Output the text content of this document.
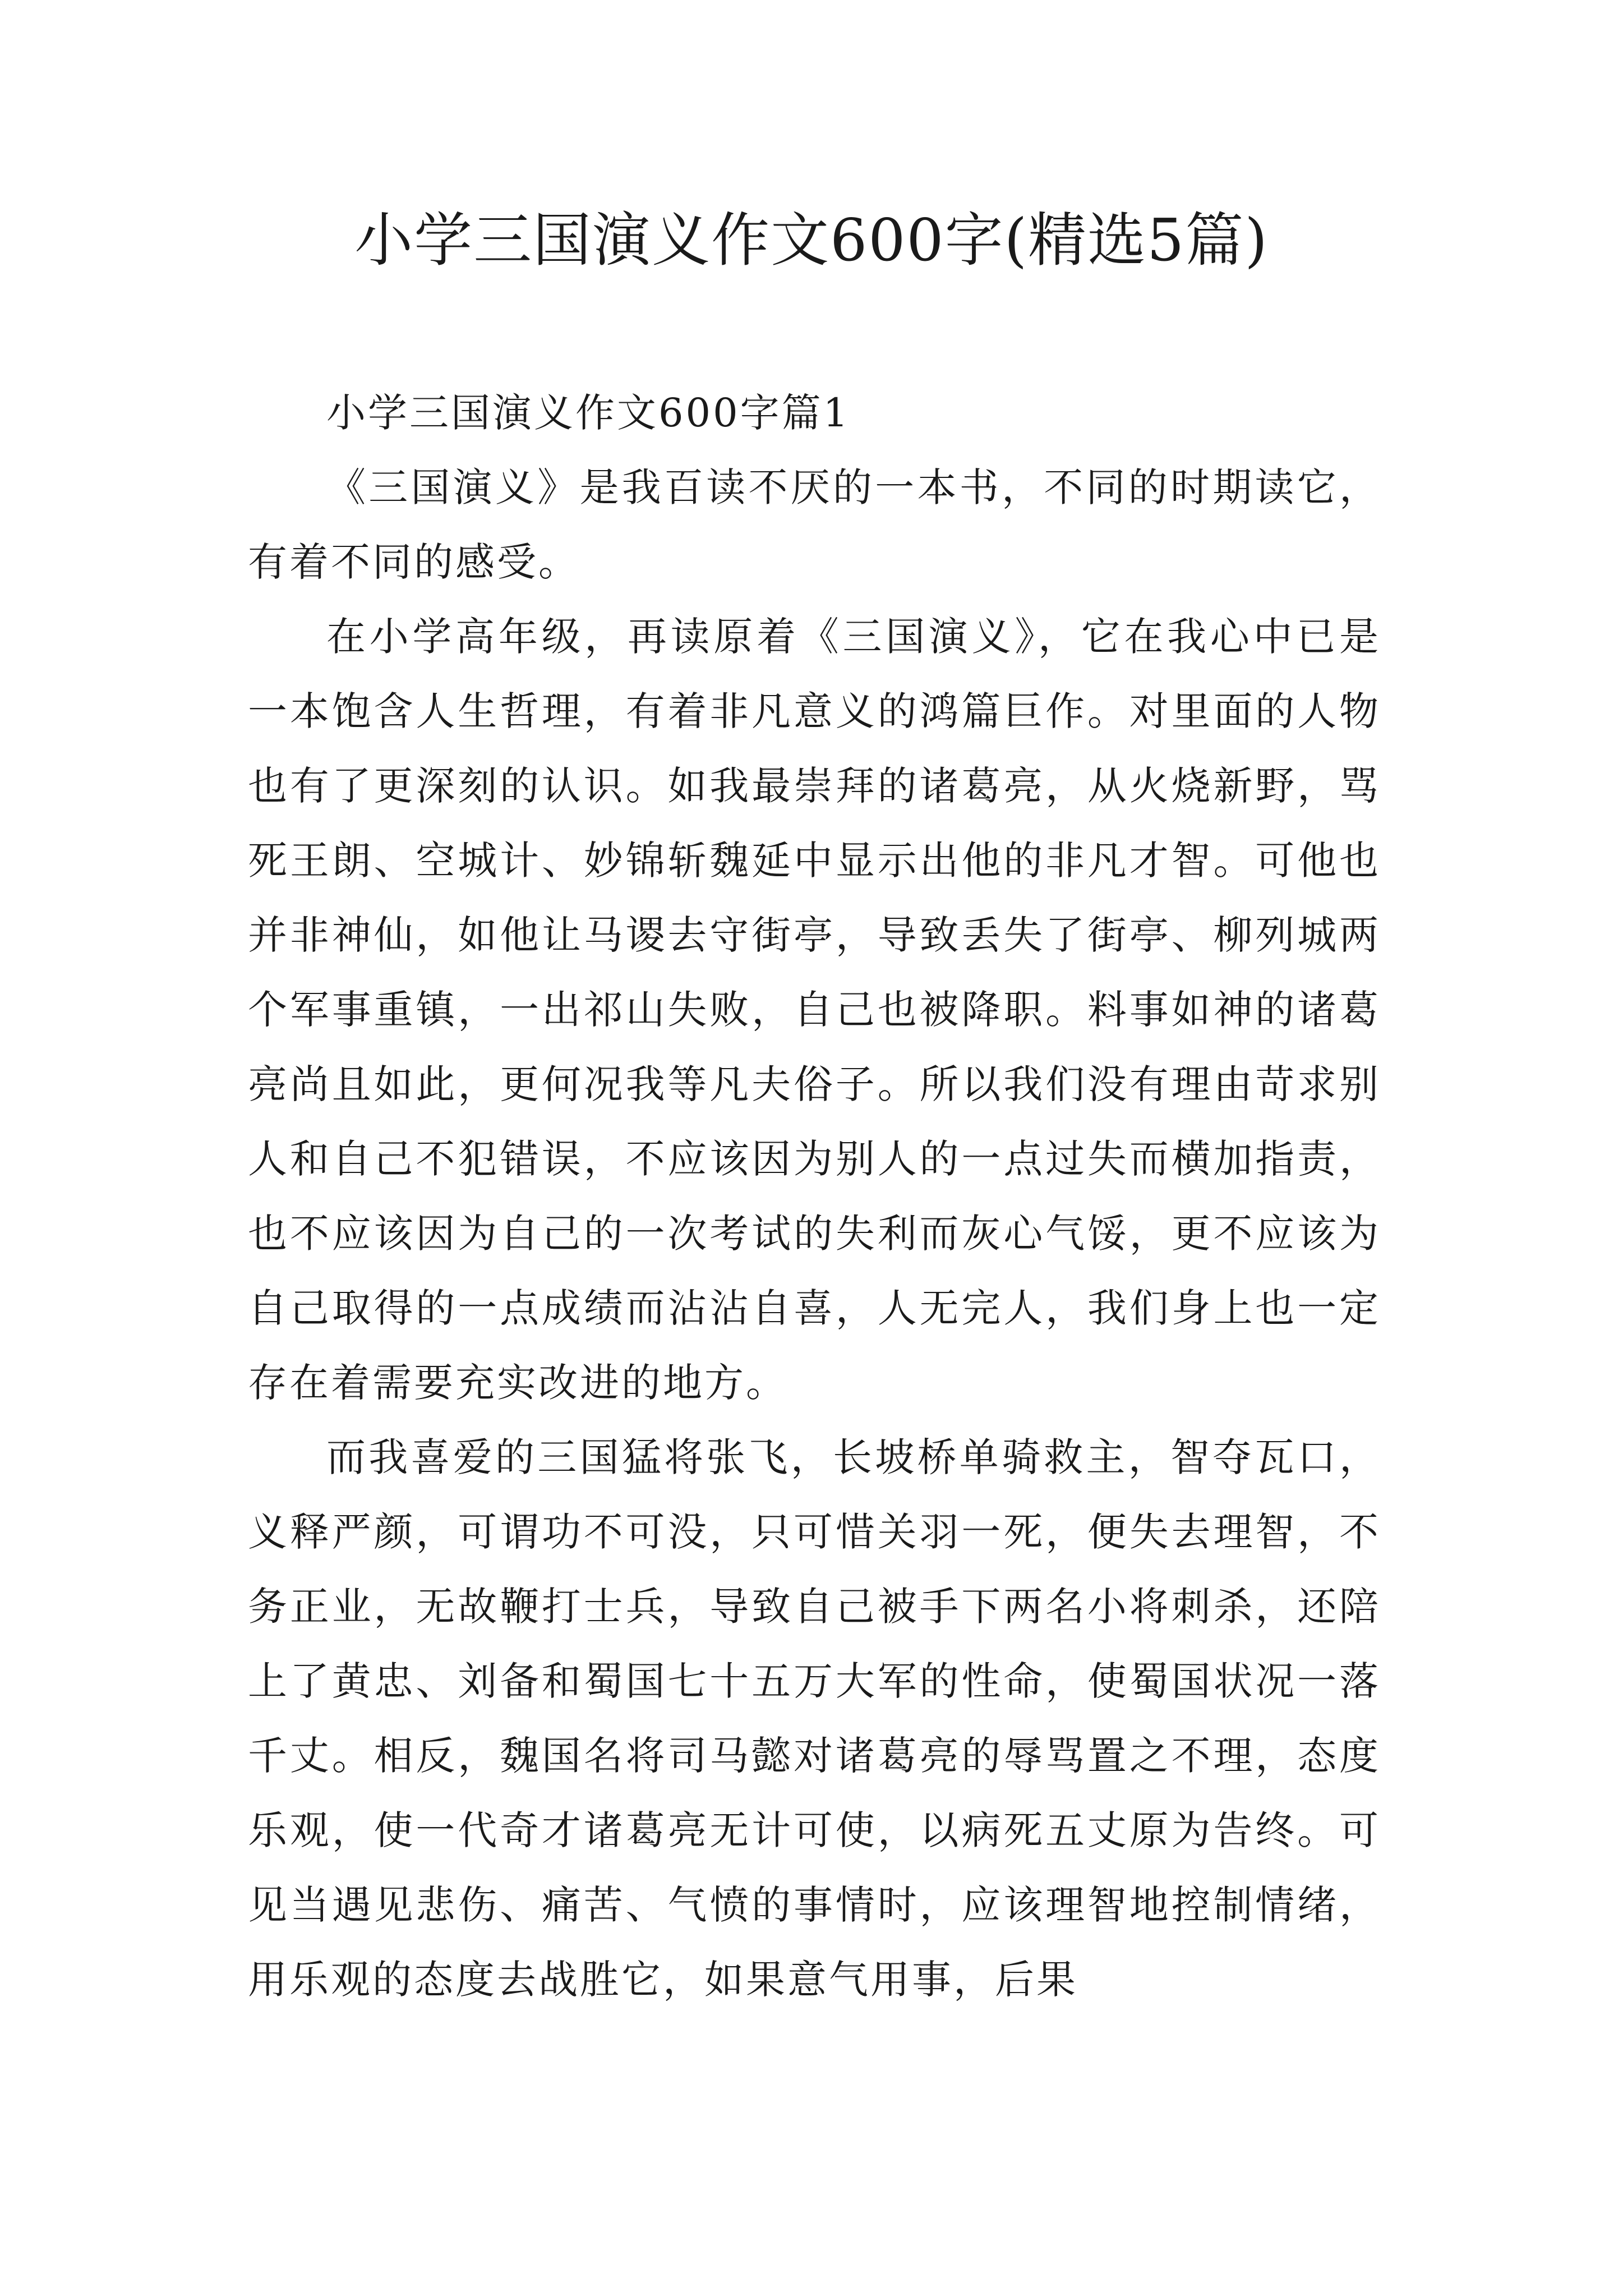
小学三国演义作文600字(精选5篇)

小学三国演义作文600字篇1

《三国演义》是我百读不厌的一本书，不同的时期读它，有着不同的感受。

在小学高年级，再读原着《三国演义》，它在我心中已是一本饱含人生哲理，有着非凡意义的鸿篇巨作。对里面的人物也有了更深刻的认识。如我最崇拜的诸葛亮，从火烧新野，骂死王朗、空城计、妙锦斩魏延中显示出他的非凡才智。可他也并非神仙，如他让马谡去守街亭，导致丢失了街亭、柳列城两个军事重镇，一出祁山失败，自己也被降职。料事如神的诸葛亮尚且如此，更何况我等凡夫俗子。所以我们没有理由苛求别人和自己不犯错误，不应该因为别人的一点过失而横加指责，也不应该因为自己的一次考试的失利而灰心气馁，更不应该为自己取得的一点成绩而沾沾自喜，人无完人，我们身上也一定存在着需要充实改进的地方。

而我喜爱的三国猛将张飞，长坡桥单骑救主，智夺瓦口，义释严颜，可谓功不可没，只可惜关羽一死，便失去理智，不务正业，无故鞭打士兵，导致自己被手下两名小将刺杀，还陪上了黄忠、刘备和蜀国七十五万大军的性命，使蜀国状况一落千丈。相反，魏国名将司马懿对诸葛亮的辱骂置之不理，态度乐观，使一代奇才诸葛亮无计可使，以病死五丈原为告终。可见当遇见悲伤、痛苦、气愤的事情时，应该理智地控制情绪，用乐观的态度去战胜它，如果意气用事，后果
